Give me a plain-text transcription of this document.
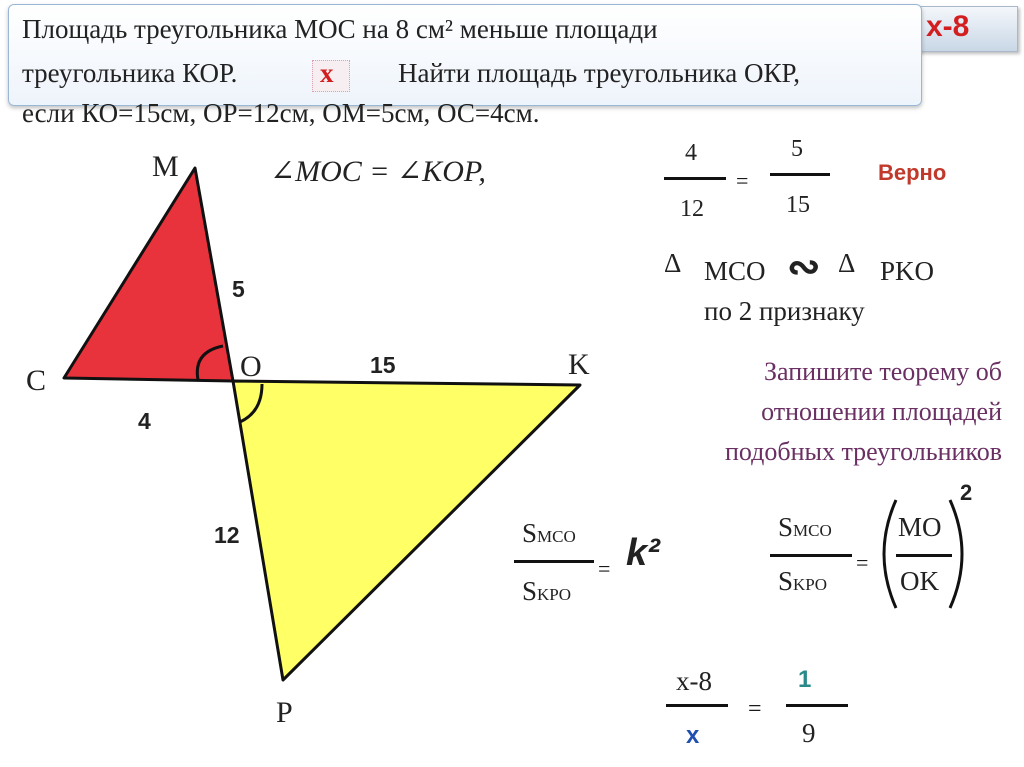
Площадь треугольника MOC на 8 см² меньше площади
треугольника КОР.	x Найти площадь треугольника ОКР,
если КО=15см, ОР=12см, ОМ=5см, ОС=4см.
x-8
M
C	O	K
P
5
15
4
12
∠MOC = ∠KOP,
4
12
=
5
15
Верно
Δ MCO ∾ Δ PKO
по 2 признаку
Запишите теорему об
отношении площадей
подобных треугольников
SMCO
SKPO
= k²
SMCO
SKPO
=
MO
OK
2
x-8
x
=
1
9
